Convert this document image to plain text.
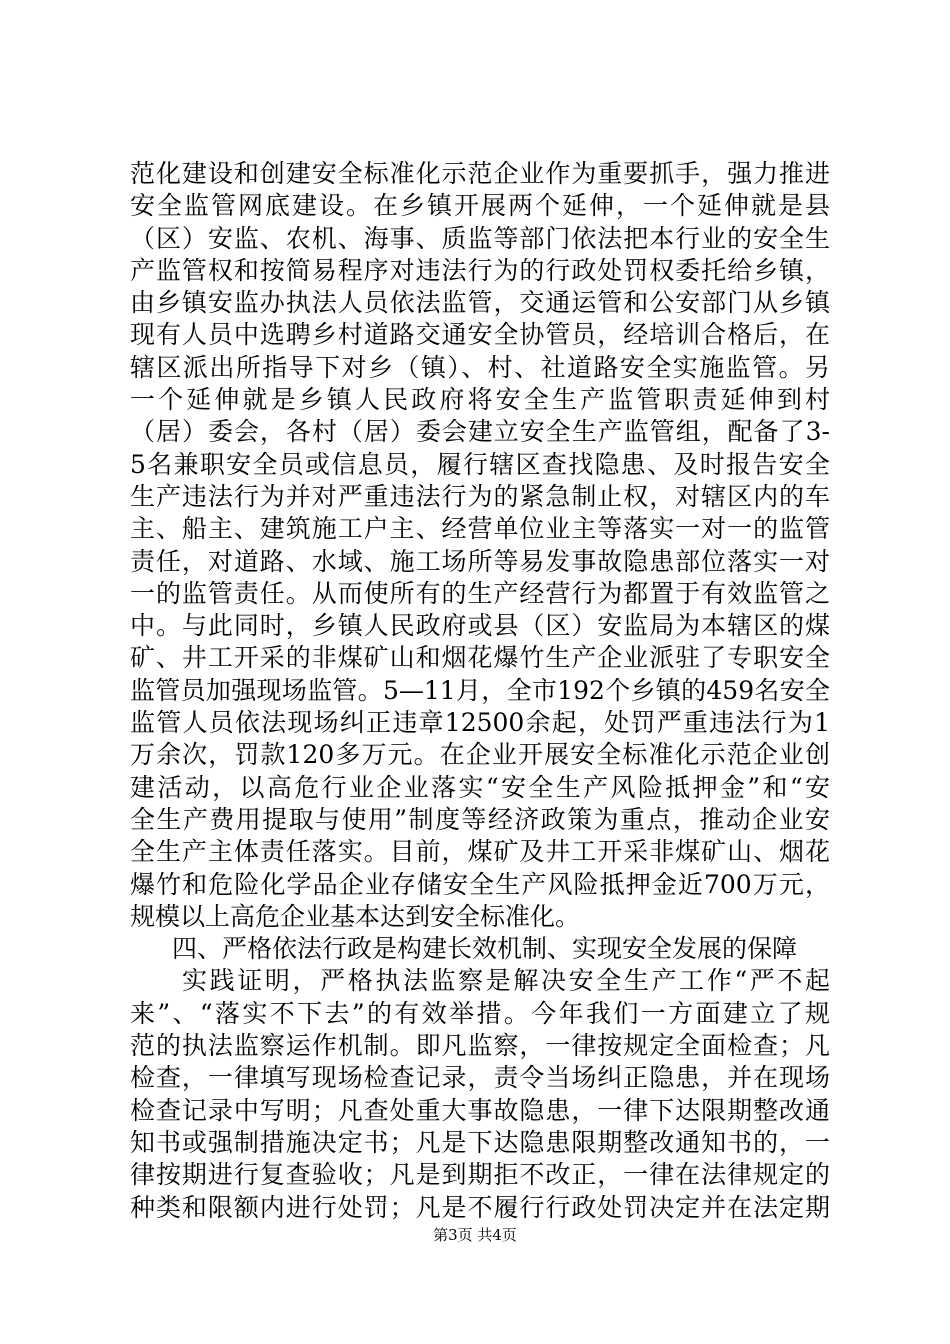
范化建设和创建安全标准化示范企业作为重要抓手，强力推进
安全监管网底建设。在乡镇开展两个延伸，一个延伸就是县
（区）安监、农机、海事、质监等部门依法把本行业的安全生
产监管权和按简易程序对违法行为的行政处罚权委托给乡镇，
由乡镇安监办执法人员依法监管，交通运管和公安部门从乡镇
现有人员中选聘乡村道路交通安全协管员，经培训合格后，在
辖区派出所指导下对乡（镇）、村、社道路安全实施监管。另
一个延伸就是乡镇人民政府将安全生产监管职责延伸到村
（居）委会，各村（居）委会建立安全生产监管组，配备了3-
5名兼职安全员或信息员，履行辖区查找隐患、及时报告安全
生产违法行为并对严重违法行为的紧急制止权，对辖区内的车
主、船主、建筑施工户主、经营单位业主等落实一对一的监管
责任，对道路、水域、施工场所等易发事故隐患部位落实一对
一的监管责任。从而使所有的生产经营行为都置于有效监管之
中。与此同时，乡镇人民政府或县（区）安监局为本辖区的煤
矿、井工开采的非煤矿山和烟花爆竹生产企业派驻了专职安全
监管员加强现场监管。5—11月，全市192个乡镇的459名安全
监管人员依法现场纠正违章12500余起，处罚严重违法行为1
万余次，罚款120多万元。在企业开展安全标准化示范企业创
建活动，以高危行业企业落实“安全生产风险抵押金”和“安
全生产费用提取与使用”制度等经济政策为重点，推动企业安
全生产主体责任落实。目前，煤矿及井工开采非煤矿山、烟花
爆竹和危险化学品企业存储安全生产风险抵押金近700万元，
规模以上高危企业基本达到安全标准化。
四、严格依法行政是构建长效机制、实现安全发展的保障
实践证明，严格执法监察是解决安全生产工作“严不起
来”、“落实不下去”的有效举措。今年我们一方面建立了规
范的执法监察运作机制。即凡监察，一律按规定全面检查；凡
检查，一律填写现场检查记录，责令当场纠正隐患，并在现场
检查记录中写明；凡查处重大事故隐患，一律下达限期整改通
知书或强制措施决定书；凡是下达隐患限期整改通知书的，一
律按期进行复查验收；凡是到期拒不改正，一律在法律规定的
种类和限额内进行处罚；凡是不履行行政处罚决定并在法定期
第3页 共4页
